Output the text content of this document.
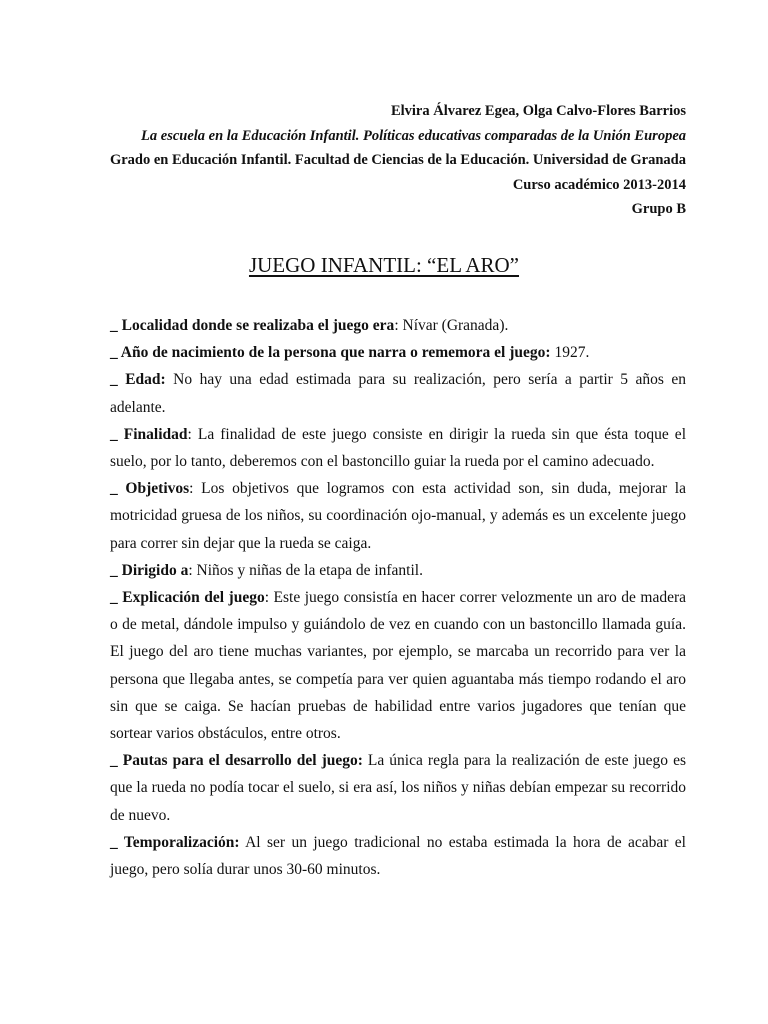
Elvira Álvarez Egea, Olga Calvo-Flores Barrios

La escuela en la Educación Infantil. Políticas educativas comparadas de la Unión Europea

Grado en Educación Infantil. Facultad de Ciencias de la Educación. Universidad de Granada

Curso académico 2013-2014

Grupo B

JUEGO INFANTIL: “EL ARO”

_ Localidad donde se realizaba el juego era: Nívar (Granada).

_ Año de nacimiento de la persona que narra o rememora el juego: 1927.

_ Edad: No hay una edad estimada para su realización, pero sería a partir 5 años en adelante.

_ Finalidad: La finalidad de este juego consiste en dirigir la rueda sin que ésta toque el suelo, por lo tanto, deberemos con el bastoncillo guiar la rueda por el camino adecuado.

_ Objetivos: Los objetivos que logramos con esta actividad son, sin duda, mejorar la motricidad gruesa de los niños, su coordinación ojo-manual, y además es un excelente juego para correr sin dejar que la rueda se caiga.

_ Dirigido a: Niños y niñas de la etapa de infantil.

_ Explicación del juego: Este juego consistía en hacer correr velozmente un aro de madera o de metal, dándole impulso y guiándolo de vez en cuando con un bastoncillo llamada guía. El juego del aro tiene muchas variantes, por ejemplo, se marcaba un recorrido para ver la persona que llegaba antes, se competía para ver quien aguantaba más tiempo rodando el aro sin que se caiga. Se hacían pruebas de habilidad entre varios jugadores que tenían que sortear varios obstáculos, entre otros.

_ Pautas para el desarrollo del juego: La única regla para la realización de este juego es que la rueda no podía tocar el suelo, si era así, los niños y niñas debían empezar su recorrido de nuevo.

_ Temporalización: Al ser un juego tradicional no estaba estimada la hora de acabar el juego, pero solía durar unos 30-60 minutos.
